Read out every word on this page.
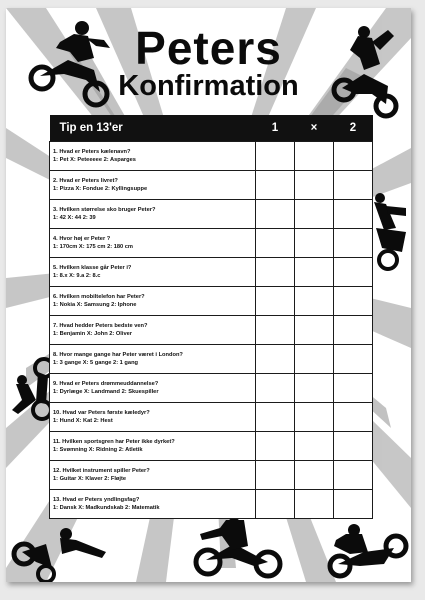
Peters
Konfirmation
Tip en 13'er	1	×	2

1. Hvad er Peters kælenavn?
1: Pet X: Peteeeee 2: Asparges			

2. Hvad er Peters livret?
1: Pizza X: Fondue 2: Kyllingsuppe			

3. Hvilken størrelse sko bruger Peter?
1: 42 X: 44 2: 39			

4. Hvor høj er Peter ?
1: 170cm X: 175 cm 2: 180 cm			

5. Hvilken klasse går Peter i?
1: 8.x X: 9.a 2: 8.c			

6. Hvilken mobiltelefon har Peter?
1: Nokia X: Samsung 2: Iphone			

7. Hvad hedder Peters bedste ven?
1: Benjamin X: John 2: Oliver			

8. Hvor mange gange har Peter været i London?
1: 3 gange X: 5 gange 2: 1 gang			

9. Hvad er Peters drømmeuddannelse?
1: Dyrlæge X: Landmand 2: Skuespiller			

10. Hvad var Peters første kæledyr?
1: Hund X: Kat 2: Hest			

11. Hvilken sportsgren har Peter ikke dyrket?
1: Svømning X: Ridning 2: Atletik			

12. Hvilket instrument spiller Peter?
1: Guitar X: Klaver 2: Fløjte			

13. Hvad er Peters yndlingsfag?
1: Dansk X: Madkundskab 2: Matematik			
